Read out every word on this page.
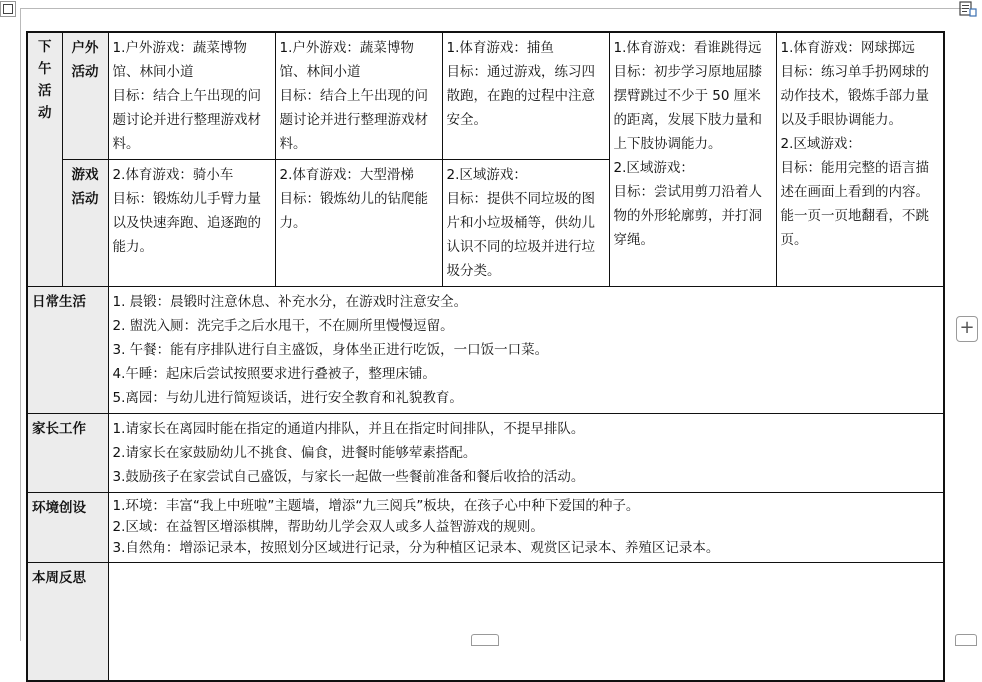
+
下午活动	户外活动	1.户外游戏：蔬菜博物馆、林间小道
目标：结合上午出现的问题讨论并进行整理游戏材料。	1.户外游戏：蔬菜博物馆、林间小道
目标：结合上午出现的问题讨论并进行整理游戏材料。	1.体育游戏：捕鱼
目标：通过游戏，练习四散跑，在跑的过程中注意安全。	1.体育游戏：看谁跳得远
目标：初步学习原地屈膝摆臂跳过不少于 50 厘米的距离，发展下肢力量和上下肢协调能力。
2.区域游戏：
目标：尝试用剪刀沿着人物的外形轮廓剪，并打洞穿绳。	1.体育游戏：网球掷远
目标：练习单手扔网球的动作技术，锻炼手部力量以及手眼协调能力。
2.区域游戏：
目标：能用完整的语言描述在画面上看到的内容。能一页一页地翻看，不跳页。

	游戏活动	2.体育游戏：骑小车
目标：锻炼幼儿手臂力量以及快速奔跑、追逐跑的能力。	2.体育游戏：大型滑梯
目标：锻炼幼儿的钻爬能力。	2.区域游戏：
目标：提供不同垃圾的图片和小垃圾桶等，供幼儿认识不同的垃圾并进行垃圾分类。		

日常生活		1. 晨锻：晨锻时注意休息、补充水分，在游戏时注意安全。
2. 盥洗入厕：洗完手之后水甩干，不在厕所里慢慢逗留。
3. 午餐：能有序排队进行自主盛饭，身体坐正进行吃饭，一口饭一口菜。
4.午睡：起床后尝试按照要求进行叠被子，整理床铺。
5.离园：与幼儿进行简短谈话，进行安全教育和礼貌教育。				

家长工作		1.请家长在离园时能在指定的通道内排队，并且在指定时间排队，不提早排队。
2.请家长在家鼓励幼儿不挑食、偏食，进餐时能够荤素搭配。
3.鼓励孩子在家尝试自己盛饭，与家长一起做一些餐前准备和餐后收拾的活动。				

环境创设		1.环境：丰富“我上中班啦”主题墙，增添“九三阅兵”板块，在孩子心中种下爱国的种子。
2.区域：在益智区增添棋牌，帮助幼儿学会双人或多人益智游戏的规则。
3.自然角：增添记录本，按照划分区域进行记录，分为种植区记录本、观赏区记录本、养殖区记录本。				

本周反思						
